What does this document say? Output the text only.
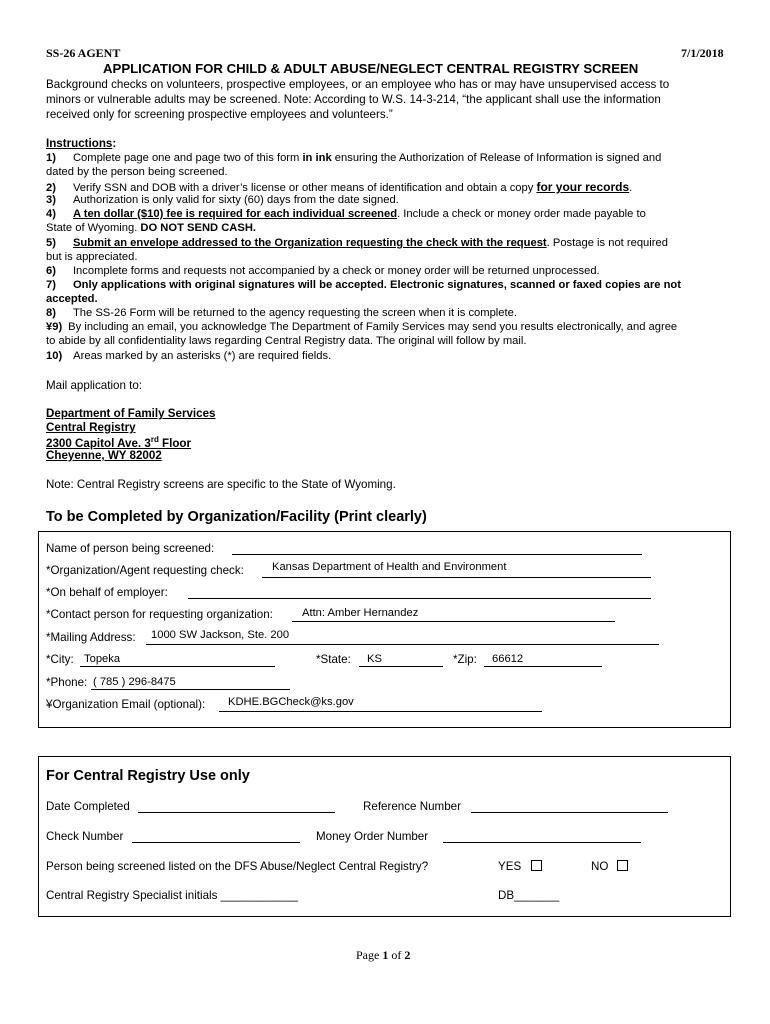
SS-26 AGENT	7/1/2018
APPLICATION FOR CHILD & ADULT ABUSE/NEGLECT CENTRAL REGISTRY SCREEN
Background checks on volunteers, prospective employees, or an employee who has or may have unsupervised access to
minors or vulnerable adults may be screened. Note: According to W.S. 14-3-214, “the applicant shall use the information
received only for screening prospective employees and volunteers.”
Instructions:
1) Complete page one and page two of this form in ink ensuring the Authorization of Release of Information is signed and
dated by the person being screened.
2) Verify SSN and DOB with a driver’s license or other means of identification and obtain a copy for your records.
3) Authorization is only valid for sixty (60) days from the date signed.
4) A ten dollar ($10) fee is required for each individual screened. Include a check or money order made payable to
State of Wyoming. DO NOT SEND CASH.
5) Submit an envelope addressed to the Organization requesting the check with the request. Postage is not required
but is appreciated.
6) Incomplete forms and requests not accompanied by a check or money order will be returned unprocessed.
7) Only applications with original signatures will be accepted. Electronic signatures, scanned or faxed copies are not
accepted.
8) The SS-26 Form will be returned to the agency requesting the screen when it is complete.
¥9) By including an email, you acknowledge The Department of Family Services may send you results electronically, and agree
to abide by all confidentiality laws regarding Central Registry data. The original will follow by mail.
10) Areas marked by an asterisks (*) are required fields.
Mail application to:
Department of Family Services
Central Registry
2300 Capitol Ave. 3rd Floor
Cheyenne, WY 82002
Note: Central Registry screens are specific to the State of Wyoming.
To be Completed by Organization/Facility (Print clearly)
Name of person being screened:
*Organization/Agent requesting check:	Kansas Department of Health and Environment
*On behalf of employer:
*Contact person for requesting organization:	Attn: Amber Hernandez
*Mailing Address: 1000 SW Jackson, Ste. 200
*City: Topeka	*State: KS	*Zip: 66612
*Phone: ( 785 ) 296-8475
¥Organization Email (optional): KDHE.BGCheck@ks.gov
For Central Registry Use only
Date Completed	Reference Number
Check Number	Money Order Number
Person being screened listed on the DFS Abuse/Neglect Central Registry?	YES	NO
Central Registry Specialist initials ____________	DB_______
Page 1 of 2
